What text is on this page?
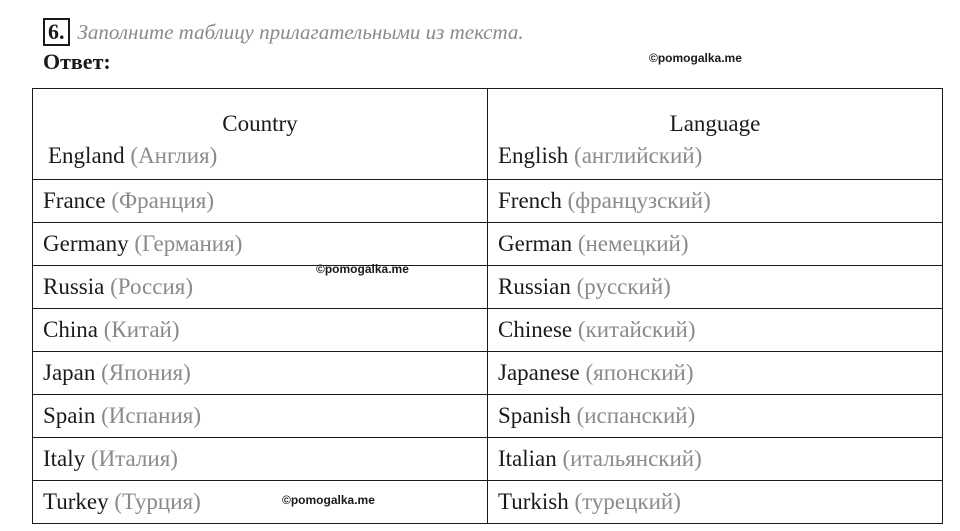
6. Заполните таблицу прилагательными из текста.
Ответ:	©pomogalka.me
Country	Language
England (Англия)	English (английский)
France (Франция)	French (французский)
Germany (Германия)	German (немецкий)
Russia (Россия)	Russian (русский)
China (Китай)	Chinese (китайский)
Japan (Япония)	Japanese (японский)
Spain (Испания)	Spanish (испанский)
Italy (Италия)	Italian (итальянский)
Turkey (Турция)	Turkish (турецкий)
©pomogalka.me
©pomogalka.me
